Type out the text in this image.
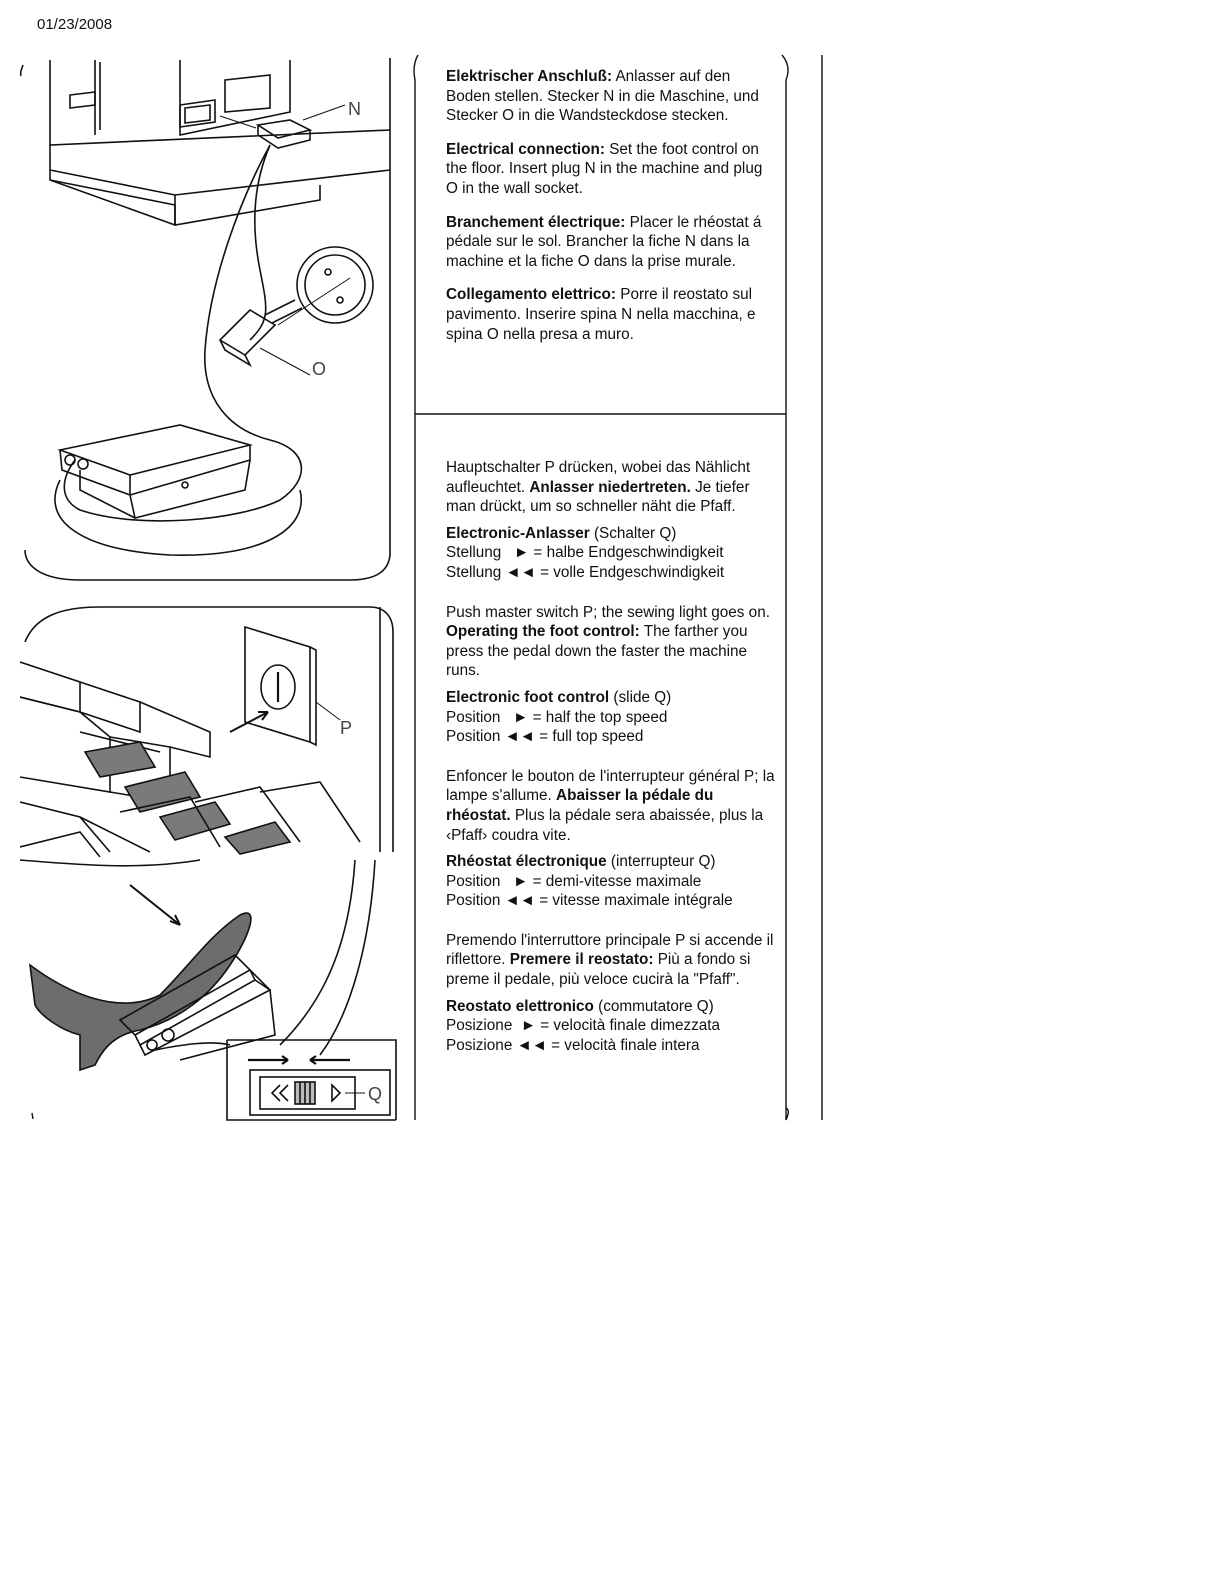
01/23/2008
N
O
P
Q

Elektrischer Anschluß: Anlasser auf den Boden stellen. Stecker N in die Maschine, und Stecker O in die Wandsteckdose stecken.

Electrical connection: Set the foot control on the floor. Insert plug N in the machine and plug O in the wall socket.

Branchement électrique: Placer le rhéostat á pédale sur le sol. Brancher la fiche N dans la machine et la fiche O dans la prise murale.

Collegamento elettrico: Porre il reostato sul pavimento. Inserire spina N nella macchina, e spina O nella presa a muro.

Hauptschalter P drücken, wobei das Nählicht aufleuchtet. Anlasser niedertreten. Je tiefer man drückt, um so schneller näht die Pfaff.

Electronic-Anlasser (Schalter Q)
Stellung ► = halbe Endgeschwindigkeit
Stellung ◄◄ = volle Endgeschwindigkeit

Push master switch P; the sewing light goes on. Operating the foot control: The farther you press the pedal down the faster the machine runs.

Electronic foot control (slide Q)
Position ► = half the top speed
Position ◄◄ = full top speed

Enfoncer le bouton de l'interrupteur général P; la lampe s'allume. Abaisser la pédale du rhéostat. Plus la pédale sera abaissée, plus la ‹Pfaff› coudra vite.

Rhéostat électronique (interrupteur Q)
Position ► = demi-vitesse maximale
Position ◄◄ = vitesse maximale intégrale

Premendo l'interruttore principale P si accende il riflettore. Premere il reostato: Più a fondo si preme il pedale, più veloce cucirà la "Pfaff".

Reostato elettronico (commutatore Q)
Posizione ► = velocità finale dimezzata
Posizione ◄◄ = velocità finale intera
